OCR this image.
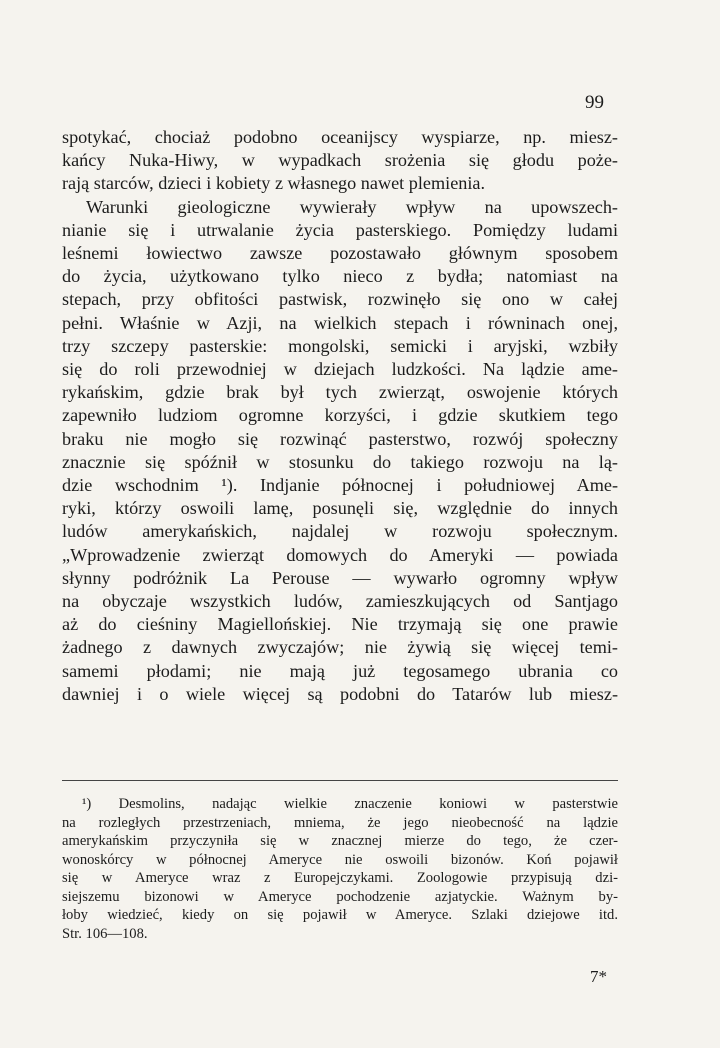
99
spotykać, chociaż podobno oceanijscy wyspiarze, np. miesz-
kańcy Nuka-Hiwy, w wypadkach srożenia się głodu poże-
rają starców, dzieci i kobiety z własnego nawet plemienia.
Warunki gieologiczne wywierały wpływ na upowszech-
nianie się i utrwalanie życia pasterskiego. Pomiędzy ludami
leśnemi łowiectwo zawsze pozostawało głównym sposobem
do życia, użytkowano tylko nieco z bydła; natomiast na
stepach, przy obfitości pastwisk, rozwinęło się ono w całej
pełni. Właśnie w Azji, na wielkich stepach i równinach onej,
trzy szczepy pasterskie: mongolski, semicki i aryjski, wzbiły
się do roli przewodniej w dziejach ludzkości. Na lądzie ame-
rykańskim, gdzie brak był tych zwierząt, oswojenie których
zapewniło ludziom ogromne korzyści, i gdzie skutkiem tego
braku nie mogło się rozwinąć pasterstwo, rozwój społeczny
znacznie się spóźnił w stosunku do takiego rozwoju na lą-
dzie wschodnim ¹). Indjanie północnej i południowej Ame-
ryki, którzy oswoili lamę, posunęli się, względnie do innych
ludów amerykańskich, najdalej w rozwoju społecznym.
„Wprowadzenie zwierząt domowych do Ameryki — powiada
słynny podróżnik La Perouse — wywarło ogromny wpływ
na obyczaje wszystkich ludów, zamieszkujących od Santjago
aż do cieśniny Magiellońskiej. Nie trzymają się one prawie
żadnego z dawnych zwyczajów; nie żywią się więcej temi-
samemi płodami; nie mają już tegosamego ubrania co
dawniej i o wiele więcej są podobni do Tatarów lub miesz-
¹) Desmolins, nadając wielkie znaczenie koniowi w pasterstwie
na rozległych przestrzeniach, mniema, że jego nieobecność na lądzie
amerykańskim przyczyniła się w znacznej mierze do tego, że czer-
wonoskórcy w północnej Ameryce nie oswoili bizonów. Koń pojawił
się w Ameryce wraz z Europejczykami. Zoologowie przypisują dzi-
siejszemu bizonowi w Ameryce pochodzenie azjatyckie. Ważnym by-
łoby wiedzieć, kiedy on się pojawił w Ameryce. Szlaki dziejowe itd.
Str. 106—108.
7*
